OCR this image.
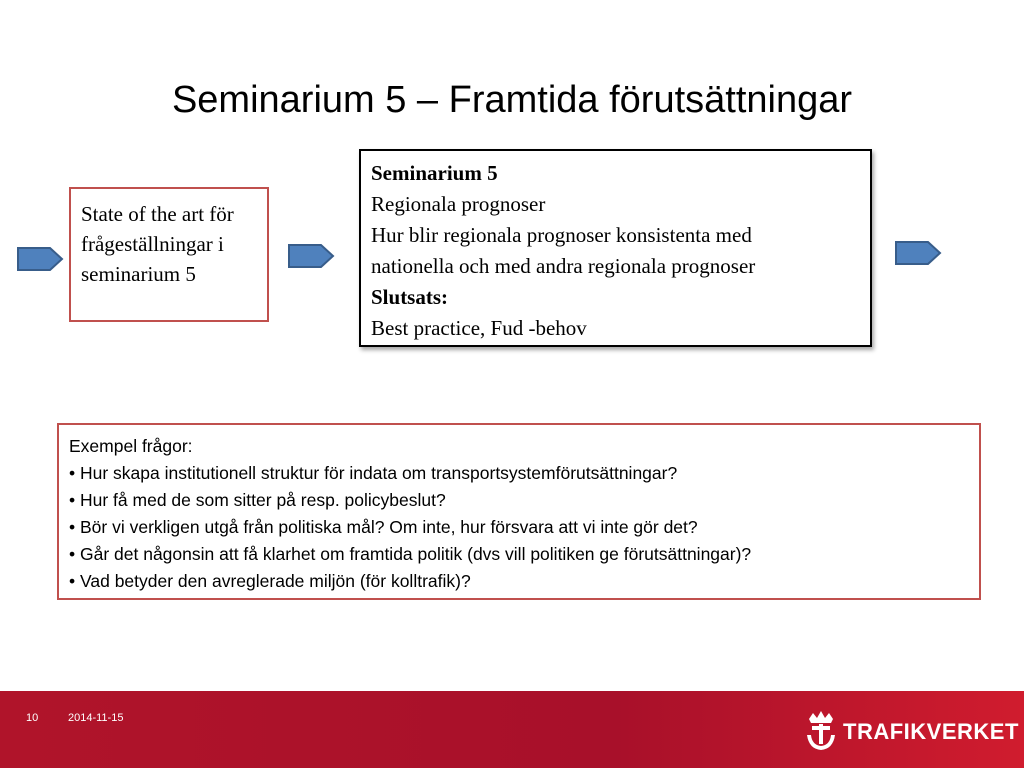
Seminarium 5 – Framtida förutsättningar
State of the art för frågeställningar i seminarium 5
Seminarium 5
Regionala prognoser
Hur blir regionala prognoser konsistenta med
nationella och med andra regionala prognoser
Slutsats:
Best practice, Fud -behov
Exempel frågor:
• Hur skapa institutionell struktur för indata om transportsystemförutsättningar?
• Hur få med de som sitter på resp. policybeslut?
• Bör vi verkligen utgå från politiska mål? Om inte, hur försvara att vi inte gör det?
• Går det någonsin att få klarhet om framtida politik (dvs vill politiken ge förutsättningar)?
• Vad betyder den avreglerade miljön (för kolltrafik)?
10	2014-11-15
TRAFIKVERKET
